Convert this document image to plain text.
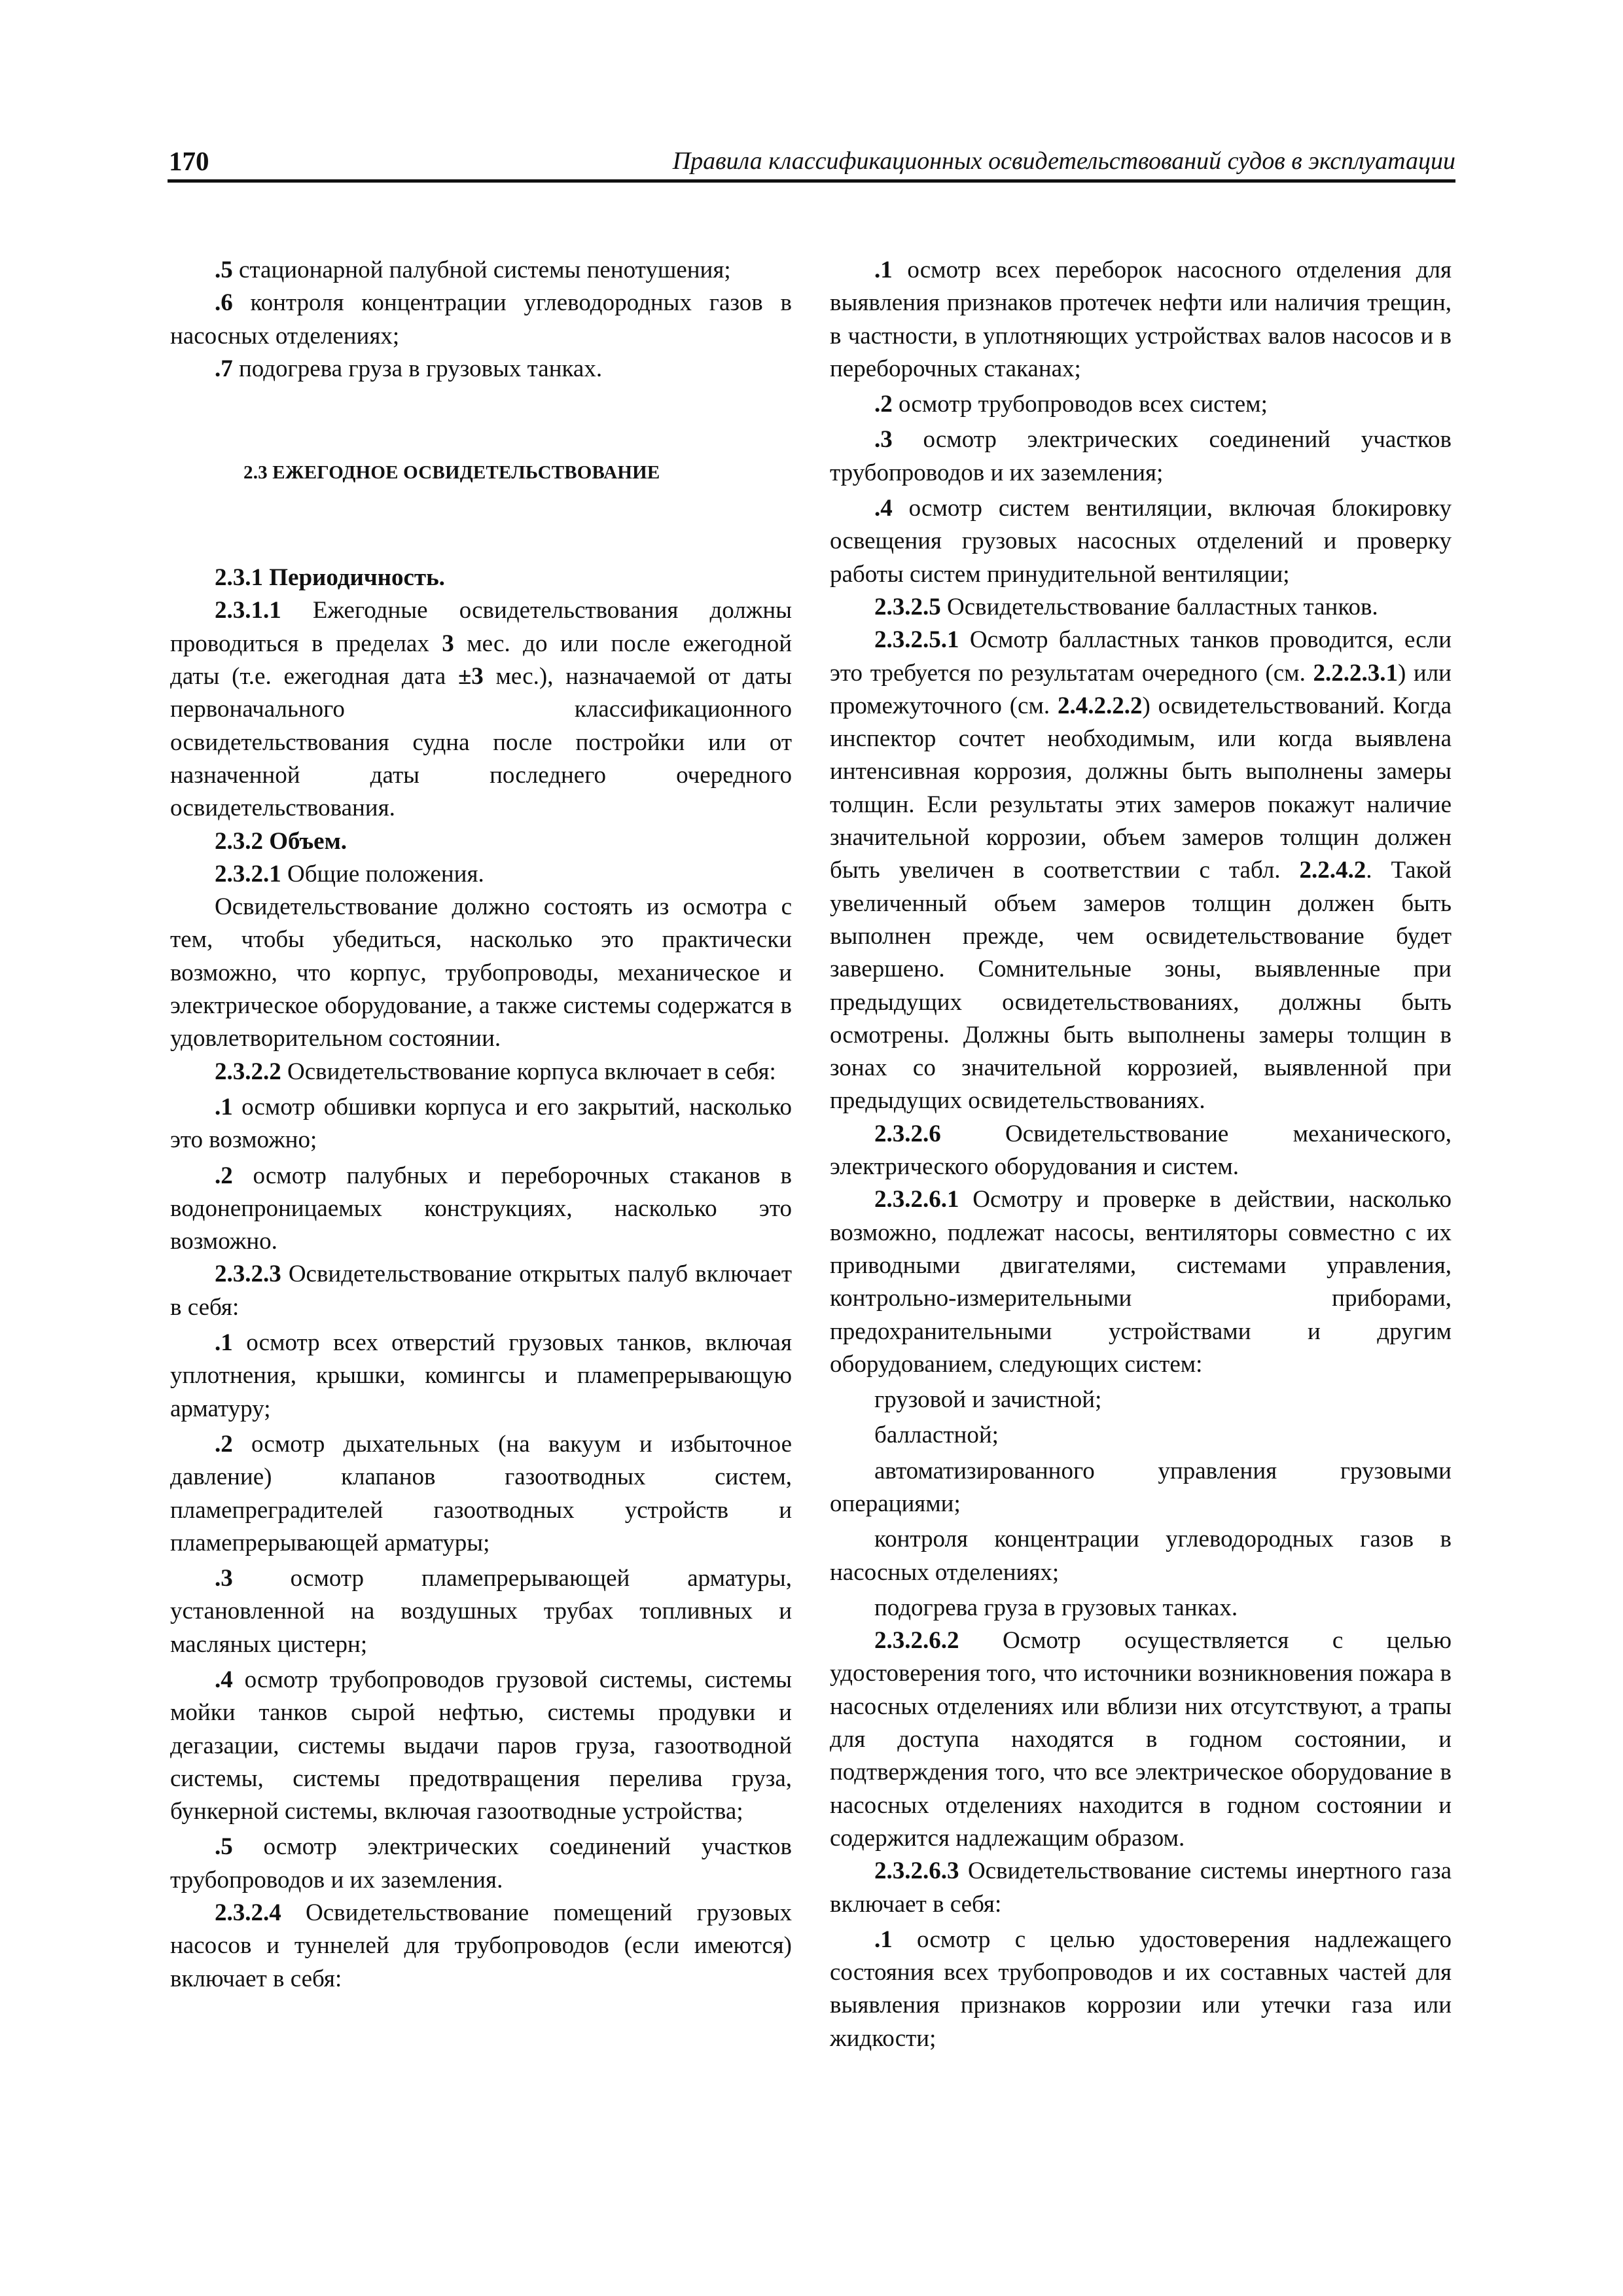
170	Правила классификационных освидетельствований судов в эксплуатации

.5 стационарной палубной системы пенотушения;

.6 контроля концентрации углеводородных газов в насосных отделениях;

.7 подогрева груза в грузовых танках.

2.3 ЕЖЕГОДНОЕ ОСВИДЕТЕЛЬСТВОВАНИЕ

2.3.1 Периодичность.

2.3.1.1 Ежегодные освидетельствования должны проводиться в пределах 3 мес. до или после ежегодной даты (т.е. ежегодная дата ±3 мес.), назначаемой от даты первоначального классификационного освидетельствования судна после постройки или от назначенной даты последнего очередного освидетельствования.

2.3.2 Объем.

2.3.2.1 Общие положения.

Освидетельствование должно состоять из осмотра с тем, чтобы убедиться, насколько это практически возможно, что корпус, трубопроводы, механическое и электрическое оборудование, а также системы содержатся в удовлетворительном состоянии.

2.3.2.2 Освидетельствование корпуса включает в себя:

.1 осмотр обшивки корпуса и его закрытий, насколько это возможно;

.2 осмотр палубных и переборочных стаканов в водонепроницаемых конструкциях, насколько это возможно.

2.3.2.3 Освидетельствование открытых палуб включает в себя:

.1 осмотр всех отверстий грузовых танков, включая уплотнения, крышки, комингсы и пламепрерывающую арматуру;

.2 осмотр дыхательных (на вакуум и избыточное давление) клапанов газоотводных систем, пламепреградителей газоотводных устройств и пламепрерывающей арматуры;

.3 осмотр пламепрерывающей арматуры, установленной на воздушных трубах топливных и масляных цистерн;

.4 осмотр трубопроводов грузовой системы, системы мойки танков сырой нефтью, системы продувки и дегазации, системы выдачи паров груза, газоотводной системы, системы предотвращения перелива груза, бункерной системы, включая газоотводные устройства;

.5 осмотр электрических соединений участков трубопроводов и их заземления.

2.3.2.4 Освидетельствование помещений грузовых насосов и туннелей для трубопроводов (если имеются) включает в себя:

.1 осмотр всех переборок насосного отделения для выявления признаков протечек нефти или наличия трещин, в частности, в уплотняющих устройствах валов насосов и в переборочных стаканах;

.2 осмотр трубопроводов всех систем;

.3 осмотр электрических соединений участков трубопроводов и их заземления;

.4 осмотр систем вентиляции, включая блокировку освещения грузовых насосных отделений и проверку работы систем принудительной вентиляции;

2.3.2.5 Освидетельствование балластных танков.

2.3.2.5.1 Осмотр балластных танков проводится, если это требуется по результатам очередного (см. 2.2.2.3.1) или промежуточного (см. 2.4.2.2.2) освидетельствований. Когда инспектор сочтет необходимым, или когда выявлена интенсивная коррозия, должны быть выполнены замеры толщин. Если результаты этих замеров покажут наличие значительной коррозии, объем замеров толщин должен быть увеличен в соответствии с табл. 2.2.4.2. Такой увеличенный объем замеров толщин должен быть выполнен прежде, чем освидетельствование будет завершено. Сомнительные зоны, выявленные при предыдущих освидетельствованиях, должны быть осмотрены. Должны быть выполнены замеры толщин в зонах со значительной коррозией, выявленной при предыдущих освидетельствованиях.

2.3.2.6 Освидетельствование механического, электрического оборудования и систем.

2.3.2.6.1 Осмотру и проверке в действии, насколько возможно, подлежат насосы, вентиляторы совместно с их приводными двигателями, системами управления, контрольно-измерительными приборами, предохранительными устройствами и другим оборудованием, следующих систем:

грузовой и зачистной;

балластной;

автоматизированного управления грузовыми операциями;

контроля концентрации углеводородных газов в насосных отделениях;

подогрева груза в грузовых танках.

2.3.2.6.2 Осмотр осуществляется с целью удостоверения того, что источники возникновения пожара в насосных отделениях или вблизи них отсутствуют, а трапы для доступа находятся в годном состоянии, и подтверждения того, что все электрическое оборудование в насосных отделениях находится в годном состоянии и содержится надлежащим образом.

2.3.2.6.3 Освидетельствование системы инертного газа включает в себя:

.1 осмотр с целью удостоверения надлежащего состояния всех трубопроводов и их составных частей для выявления признаков коррозии или утечки газа или жидкости;
